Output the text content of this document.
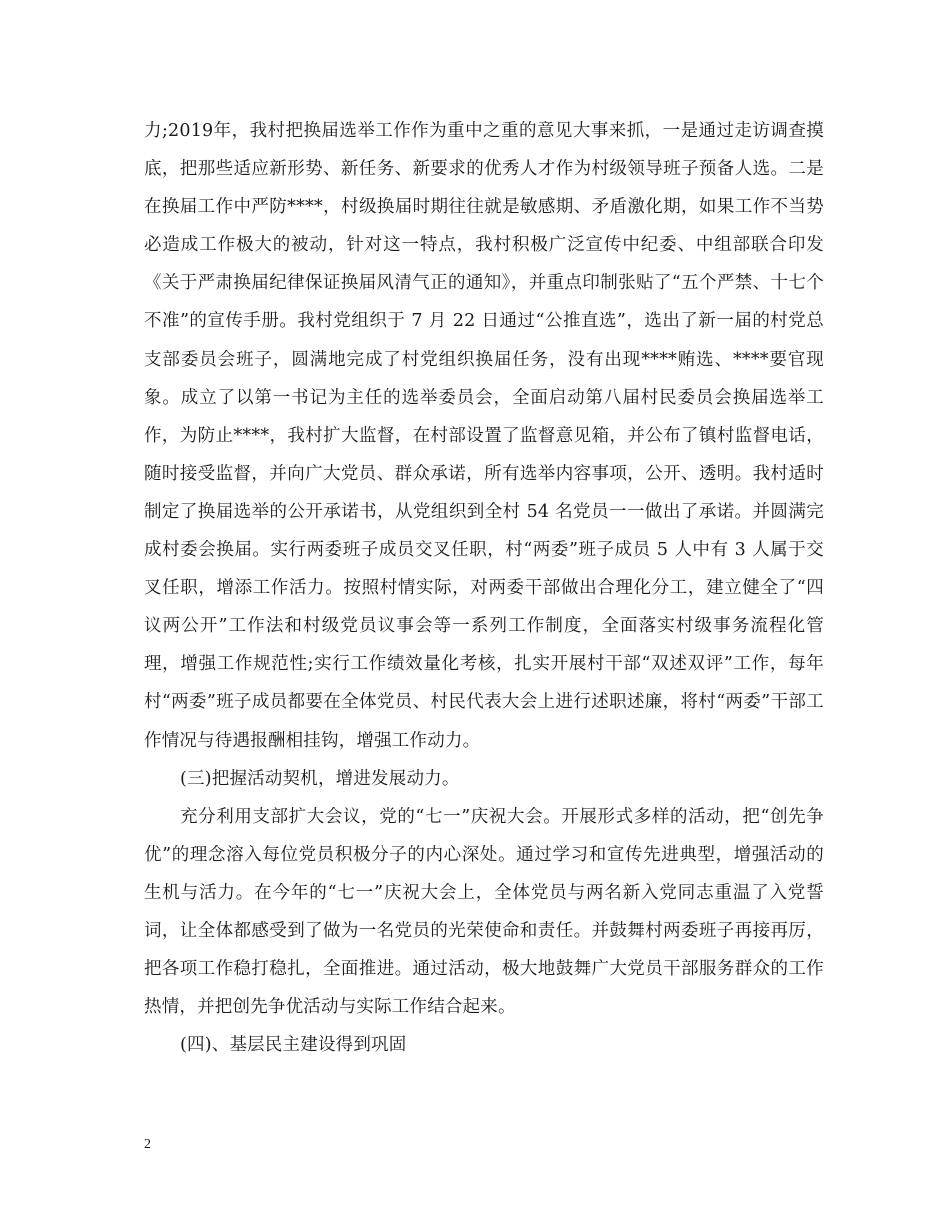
力;2019年，我村把换届选举工作作为重中之重的意见大事来抓，一是通过走访调查摸底，把那些适应新形势、新任务、新要求的优秀人才作为村级领导班子预备人选。二是在换届工作中严防****，村级换届时期往往就是敏感期、矛盾激化期，如果工作不当势必造成工作极大的被动，针对这一特点，我村积极广泛宣传中纪委、中组部联合印发《关于严肃换届纪律保证换届风清气正的通知》，并重点印制张贴了“五个严禁、十七个不准”的宣传手册。我村党组织于 7 月 22 日通过“公推直选”，选出了新一届的村党总支部委员会班子，圆满地完成了村党组织换届任务，没有出现****贿选、****要官现象。成立了以第一书记为主任的选举委员会，全面启动第八届村民委员会换届选举工作，为防止****，我村扩大监督，在村部设置了监督意见箱，并公布了镇村监督电话，随时接受监督，并向广大党员、群众承诺，所有选举内容事项，公开、透明。我村适时制定了换届选举的公开承诺书，从党组织到全村 54 名党员一一做出了承诺。并圆满完成村委会换届。实行两委班子成员交叉任职，村“两委”班子成员 5 人中有 3 人属于交叉任职，增添工作活力。按照村情实际，对两委干部做出合理化分工，建立健全了“四议两公开”工作法和村级党员议事会等一系列工作制度，全面落实村级事务流程化管理，增强工作规范性;实行工作绩效量化考核，扎实开展村干部“双述双评”工作，每年村“两委”班子成员都要在全体党员、村民代表大会上进行述职述廉，将村“两委”干部工作情况与待遇报酬相挂钩，增强工作动力。

(三)把握活动契机，增进发展动力。

充分利用支部扩大会议，党的“七一”庆祝大会。开展形式多样的活动，把“创先争优”的理念溶入每位党员积极分子的内心深处。通过学习和宣传先进典型，增强活动的生机与活力。在今年的“七一”庆祝大会上，全体党员与两名新入党同志重温了入党誓词，让全体都感受到了做为一名党员的光荣使命和责任。并鼓舞村两委班子再接再厉，把各项工作稳打稳扎，全面推进。通过活动，极大地鼓舞广大党员干部服务群众的工作热情，并把创先争优活动与实际工作结合起来。

(四)、基层民主建设得到巩固

2
